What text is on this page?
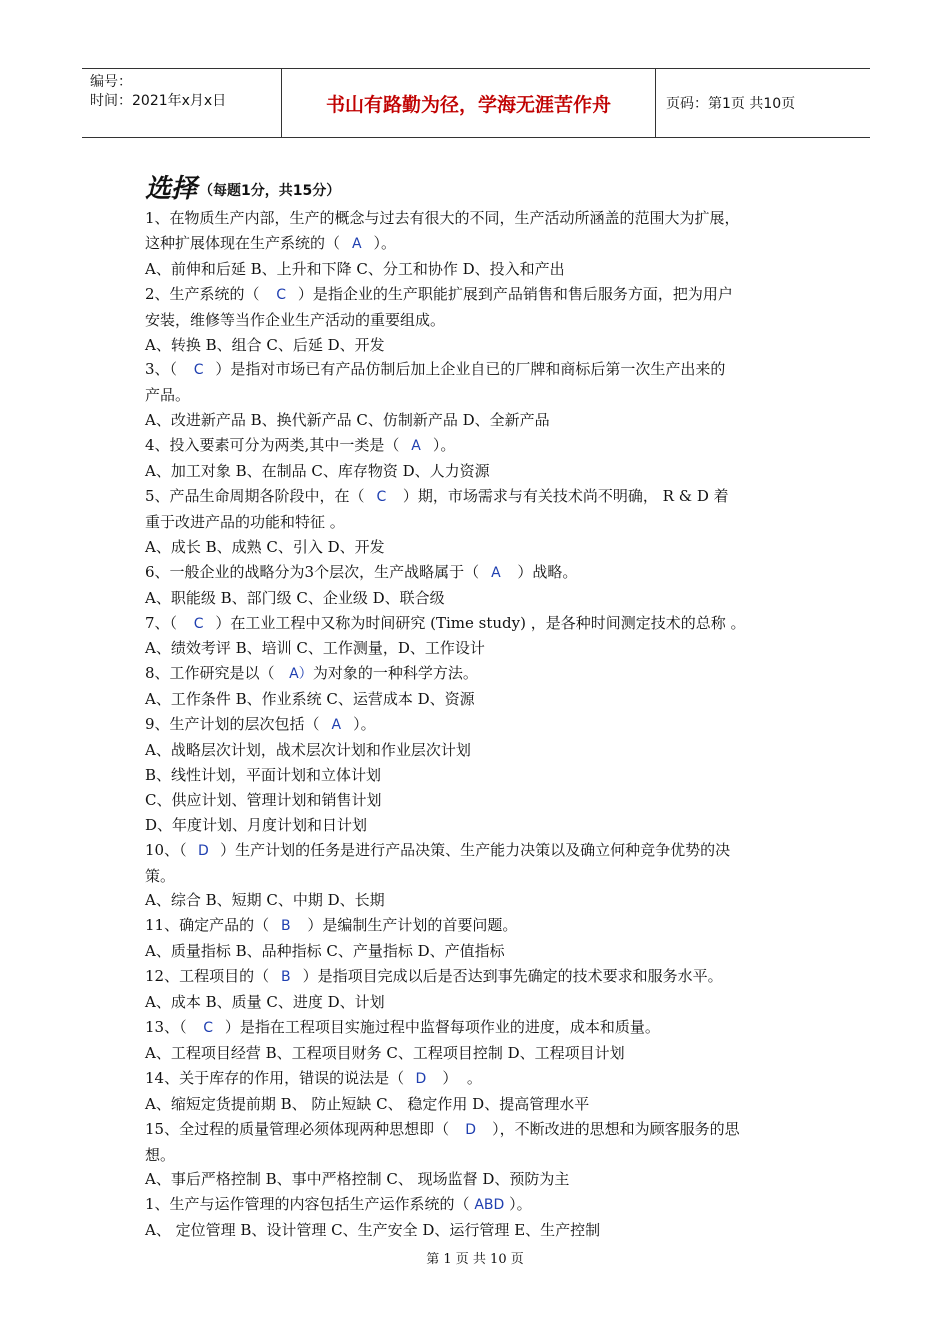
编号：
时间：2021年x月x日	书山有路勤为径，学海无涯苦作舟	页码：第1页 共10页
选择 （每题1分，共15分）
1、在物质生产内部，生产的概念与过去有很大的不同，生产活动所涵盖的范围大为扩展，
这种扩展体现在生产系统的（ A ）。
A、前伸和后延 B、上升和下降 C、分工和协作 D、投入和产出
2、生产系统的（  C ）是指企业的生产职能扩展到产品销售和售后服务方面，把为用户
安装，维修等当作企业生产活动的重要组成。
A、转换 B、组合 C、后延 D、开发
3、（  C ）是指对市场已有产品仿制后加上企业自已的厂牌和商标后第一次生产出来的
产品。
A、改进新产品 B、换代新产品 C、仿制新产品 D、全新产品
4、投入要素可分为两类,其中一类是（ A ）。
A、加工对象 B、在制品 C、库存物资 D、人力资源
5、产品生命周期各阶段中，在（ C  ）期，市场需求与有关技术尚不明确， R & D 着
重于改进产品的功能和特征 。
A、成长 B、成熟 C、引入 D、开发
6、一般企业的战略分为3个层次，生产战略属于（ A  ）战略。
A、职能级 B、部门级 C、企业级 D、联合级
7、（  C ）在工业工程中又称为时间研究 (Time study) ，是各种时间测定技术的总称 。
A、绩效考评 B、培训 C、工作测量，D、工作设计
8、工作研究是以（   A）为对象的一种科学方法。
A、工作条件 B、作业系统 C、运营成本 D、资源
9、生产计划的层次包括（ A ）。
A、战略层次计划，战术层次计划和作业层次计划
B、线性计划，平面计划和立体计划
C、供应计划、管理计划和销售计划
D、年度计划、月度计划和日计划
10、（ D ）生产计划的任务是进行产品决策、生产能力决策以及确立何种竞争优势的决
策。
A、综合 B、短期 C、中期 D、长期
11、确定产品的（ B  ）是编制生产计划的首要问题。
A、质量指标 B、品种指标 C、产量指标 D、产值指标
12、工程项目的（ B ）是指项目完成以后是否达到事先确定的技术要求和服务水平。
A、成本 B、质量 C、进度 D、计划
13、（  C ）是指在工程项目实施过程中监督每项作业的进度，成本和质量。
A、工程项目经营 B、工程项目财务 C、工程项目控制 D、工程项目计划
14、关于库存的作用，错误的说法是（ D  ）  。
A、缩短定货提前期 B、 防止短缺 C、 稳定作用 D、提高管理水平
15、全过程的质量管理必须体现两种思想即（  D  ），不断改进的思想和为顾客服务的思
想。
A、事后严格控制 B、事中严格控制 C、 现场监督 D、预防为主
1、生产与运作管理的内容包括生产运作系统的（ ABD ）。
A、 定位管理 B、设计管理 C、生产安全 D、运行管理 E、生产控制
第 1 页 共 10 页
